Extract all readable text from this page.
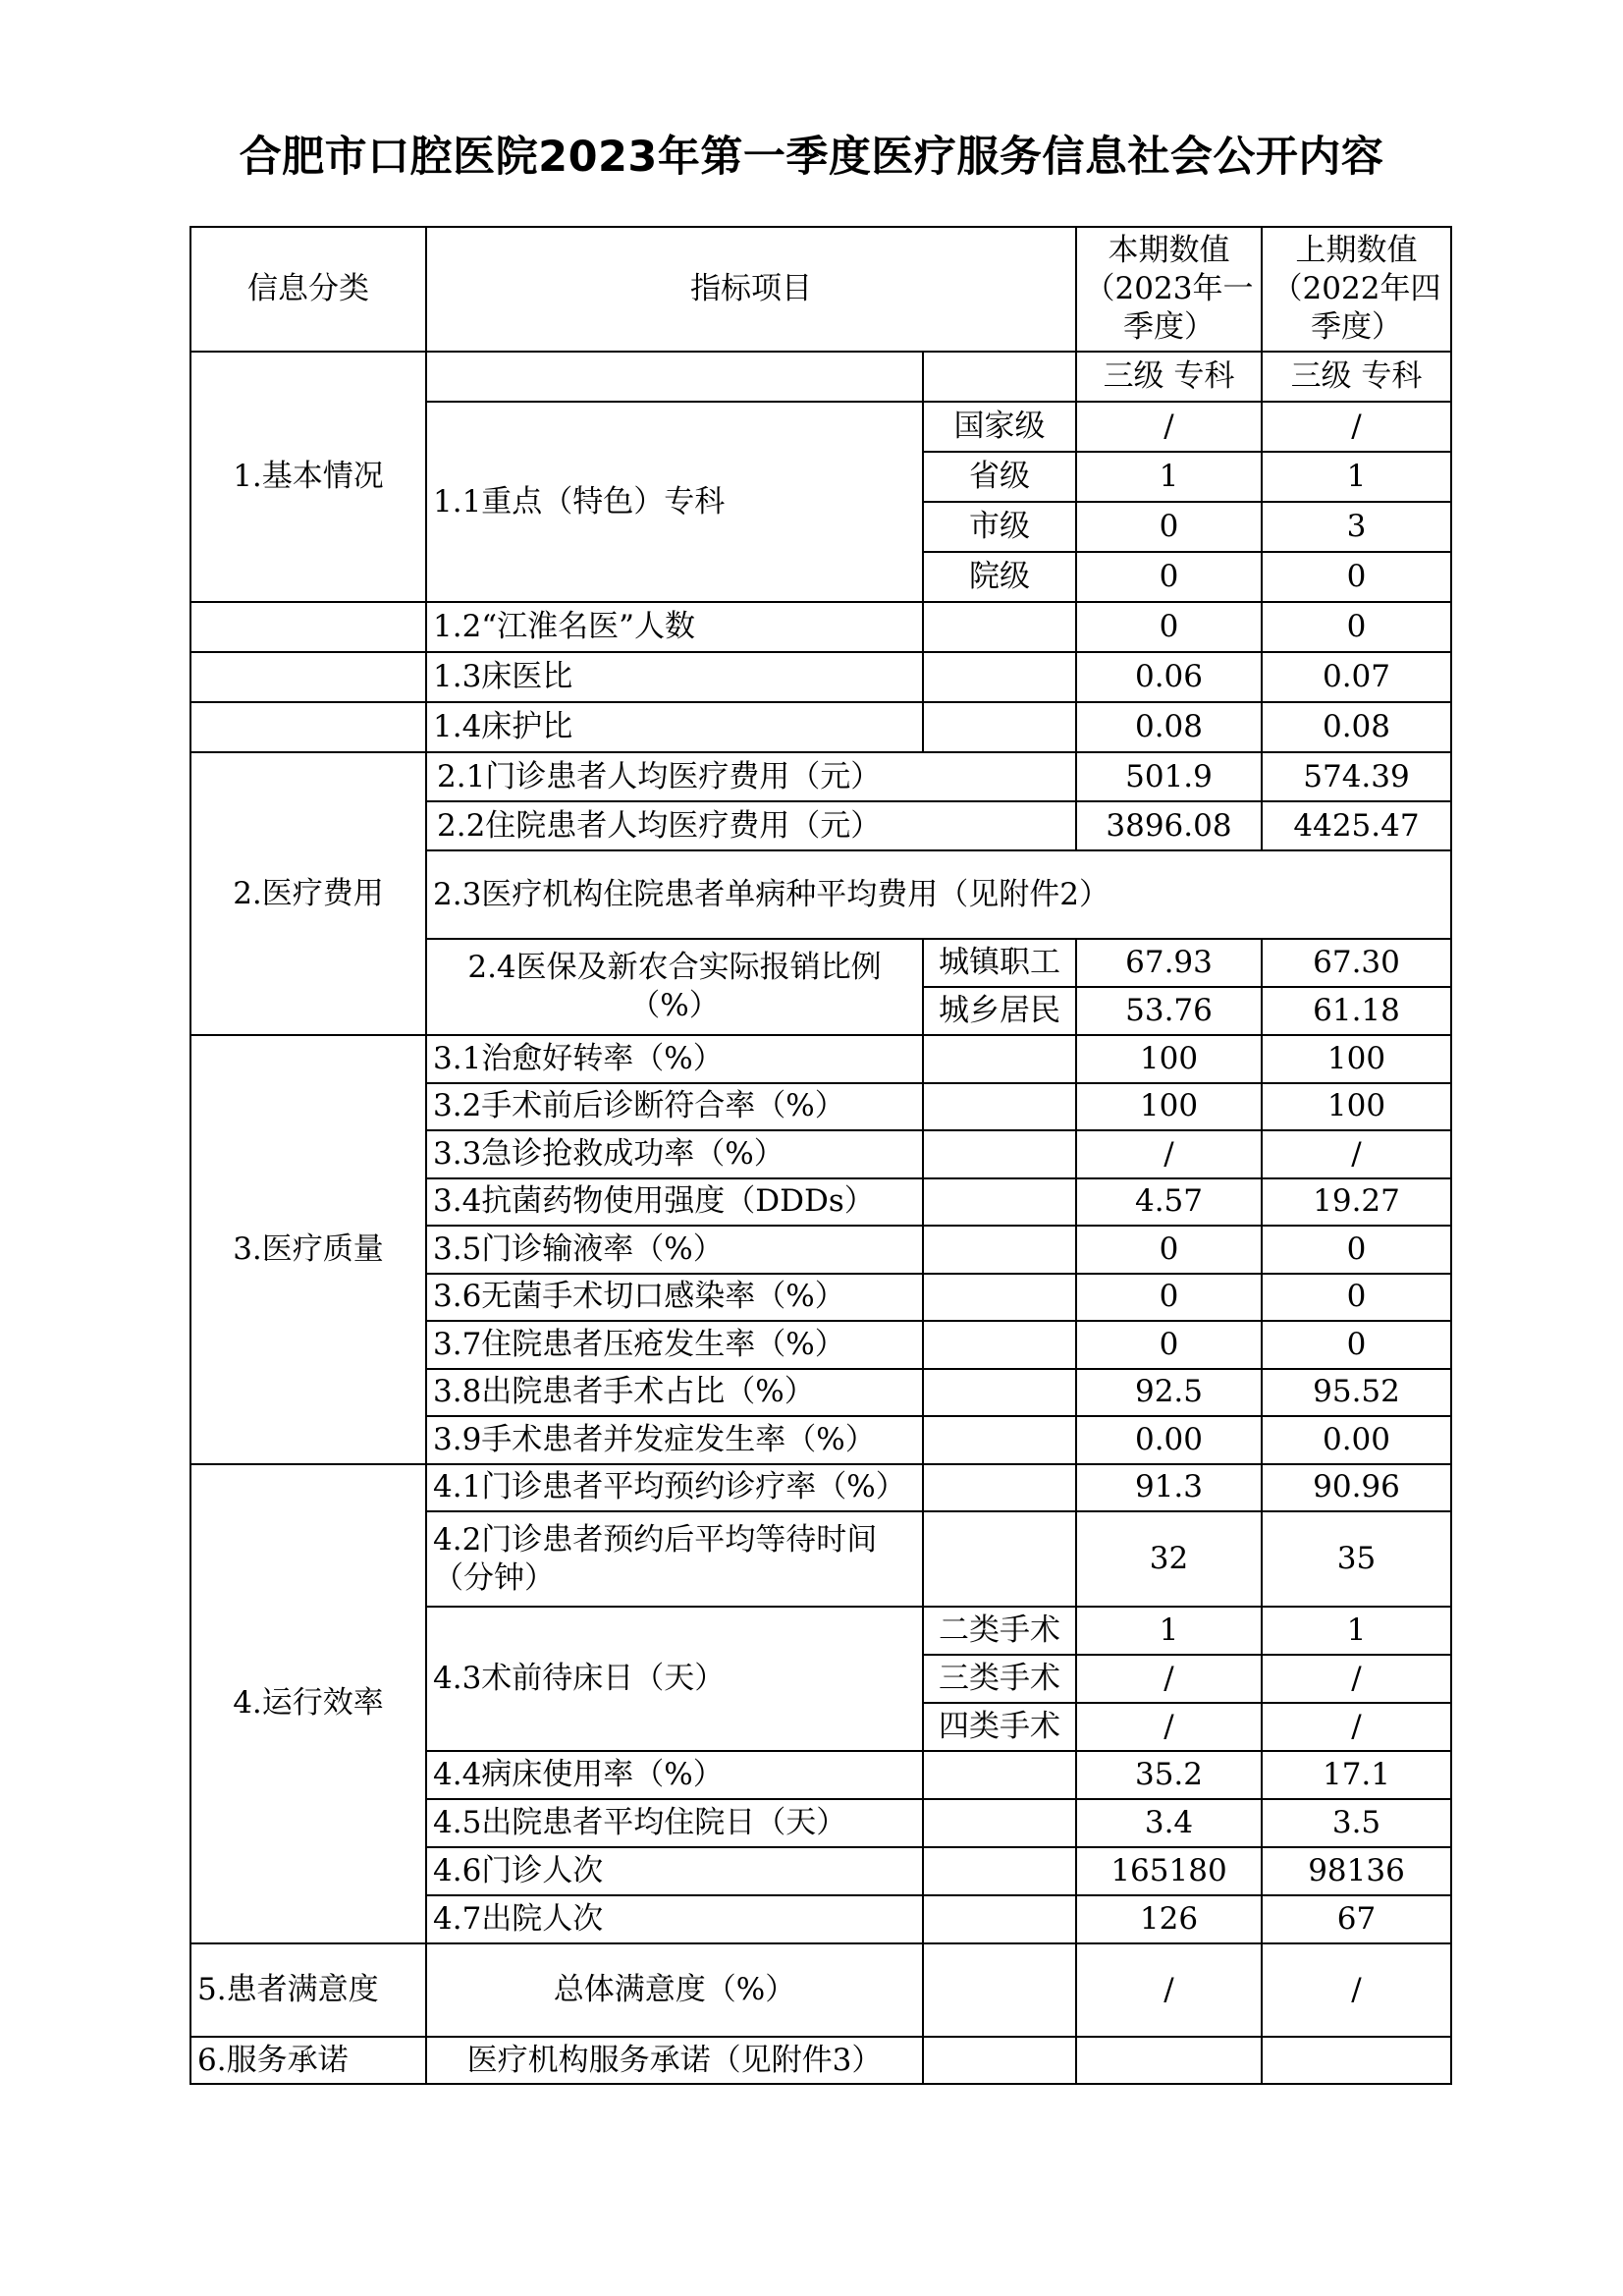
合肥市口腔医院2023年第一季度医疗服务信息社会公开内容
信息分类	指标项目		本期数值（2023年一季度）	上期数值（2022年四季度）
1.基本情况			三级 专科	三级 专科
	1.1重点（特色）专科	国家级	/	/
		省级	1	1
		市级	0	3
		院级	0	0
	1.2“江淮名医”人数		0	0
	1.3床医比		0.06	0.07
	1.4床护比		0.08	0.08
2.医疗费用	2.1门诊患者人均医疗费用（元）		501.9	574.39
	2.2住院患者人均医疗费用（元）		3896.08	4425.47
	2.3医疗机构住院患者单病种平均费用（见附件2）			
	2.4医保及新农合实际报销比例（%）	城镇职工	67.93	67.30
		城乡居民	53.76	61.18
3.医疗质量	3.1治愈好转率（%）		100	100
	3.2手术前后诊断符合率（%）		100	100
	3.3急诊抢救成功率（%）		/	/
	3.4抗菌药物使用强度（DDDs）		4.57	19.27
	3.5门诊输液率（%）		0	0
	3.6无菌手术切口感染率（%）		0	0
	3.7住院患者压疮发生率（%）		0	0
	3.8出院患者手术占比（%）		92.5	95.52
	3.9手术患者并发症发生率（%）		0.00	0.00
4.运行效率	4.1门诊患者平均预约诊疗率（%）		91.3	90.96
	4.2门诊患者预约后平均等待时间（分钟）		32	35
	4.3术前待床日（天）	二类手术	1	1
		三类手术	/	/
		四类手术	/	/
	4.4病床使用率（%）		35.2	17.1
	4.5出院患者平均住院日（天）		3.4	3.5
	4.6门诊人次		165180	98136
	4.7出院人次		126	67
5.患者满意度	总体满意度（%）		/	/
6.服务承诺	医疗机构服务承诺（见附件3）			
